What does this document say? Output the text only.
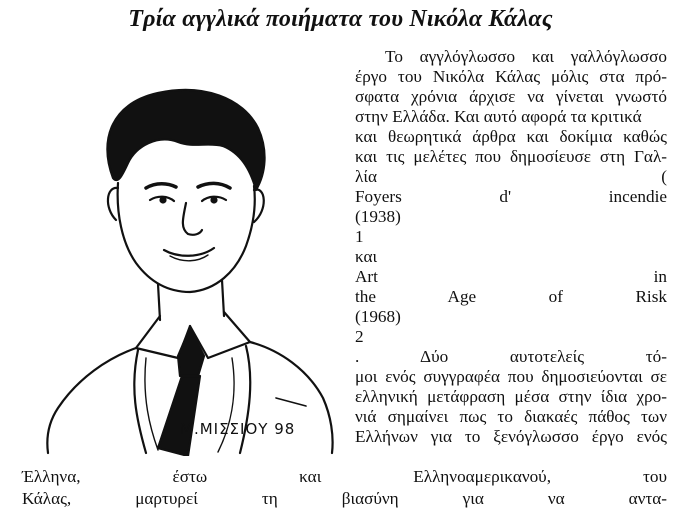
Τρία αγγλικά ποιήματα του Νικόλα Κάλας
Μ.ΜΙΣΣΙΟΥ 98
Το αγγλόγλωσσο και γαλλόγλωσσο
έργο του Νικόλα Κάλας μόλις στα πρό-
σφατα χρόνια άρχισε να γίνεται γνωστό
στην Ελλάδα. Και αυτό αφορά τα κριτικά
και θεωρητικά άρθρα και δοκίμια καθώς
και τις μελέτες που δημοσίευσε στη Γαλ-
λία (
Foyers d' incendie
(1938)
1
και
Art in
the Age of Risk
(1968)
2
. Δύο αυτοτελείς τό-
μοι ενός συγγραφέα που δημοσιεύονται σε
ελληνική μετάφραση μέσα στην ίδια χρο-
νιά σημαίνει πως το διακαές πάθος των
Ελλήνων για το ξενόγλωσσο έργο ενός
Έλληνα, έστω και Ελληνοαμερικανού, του
Κάλας, μαρτυρεί τη βιασύνη για να αντα-
